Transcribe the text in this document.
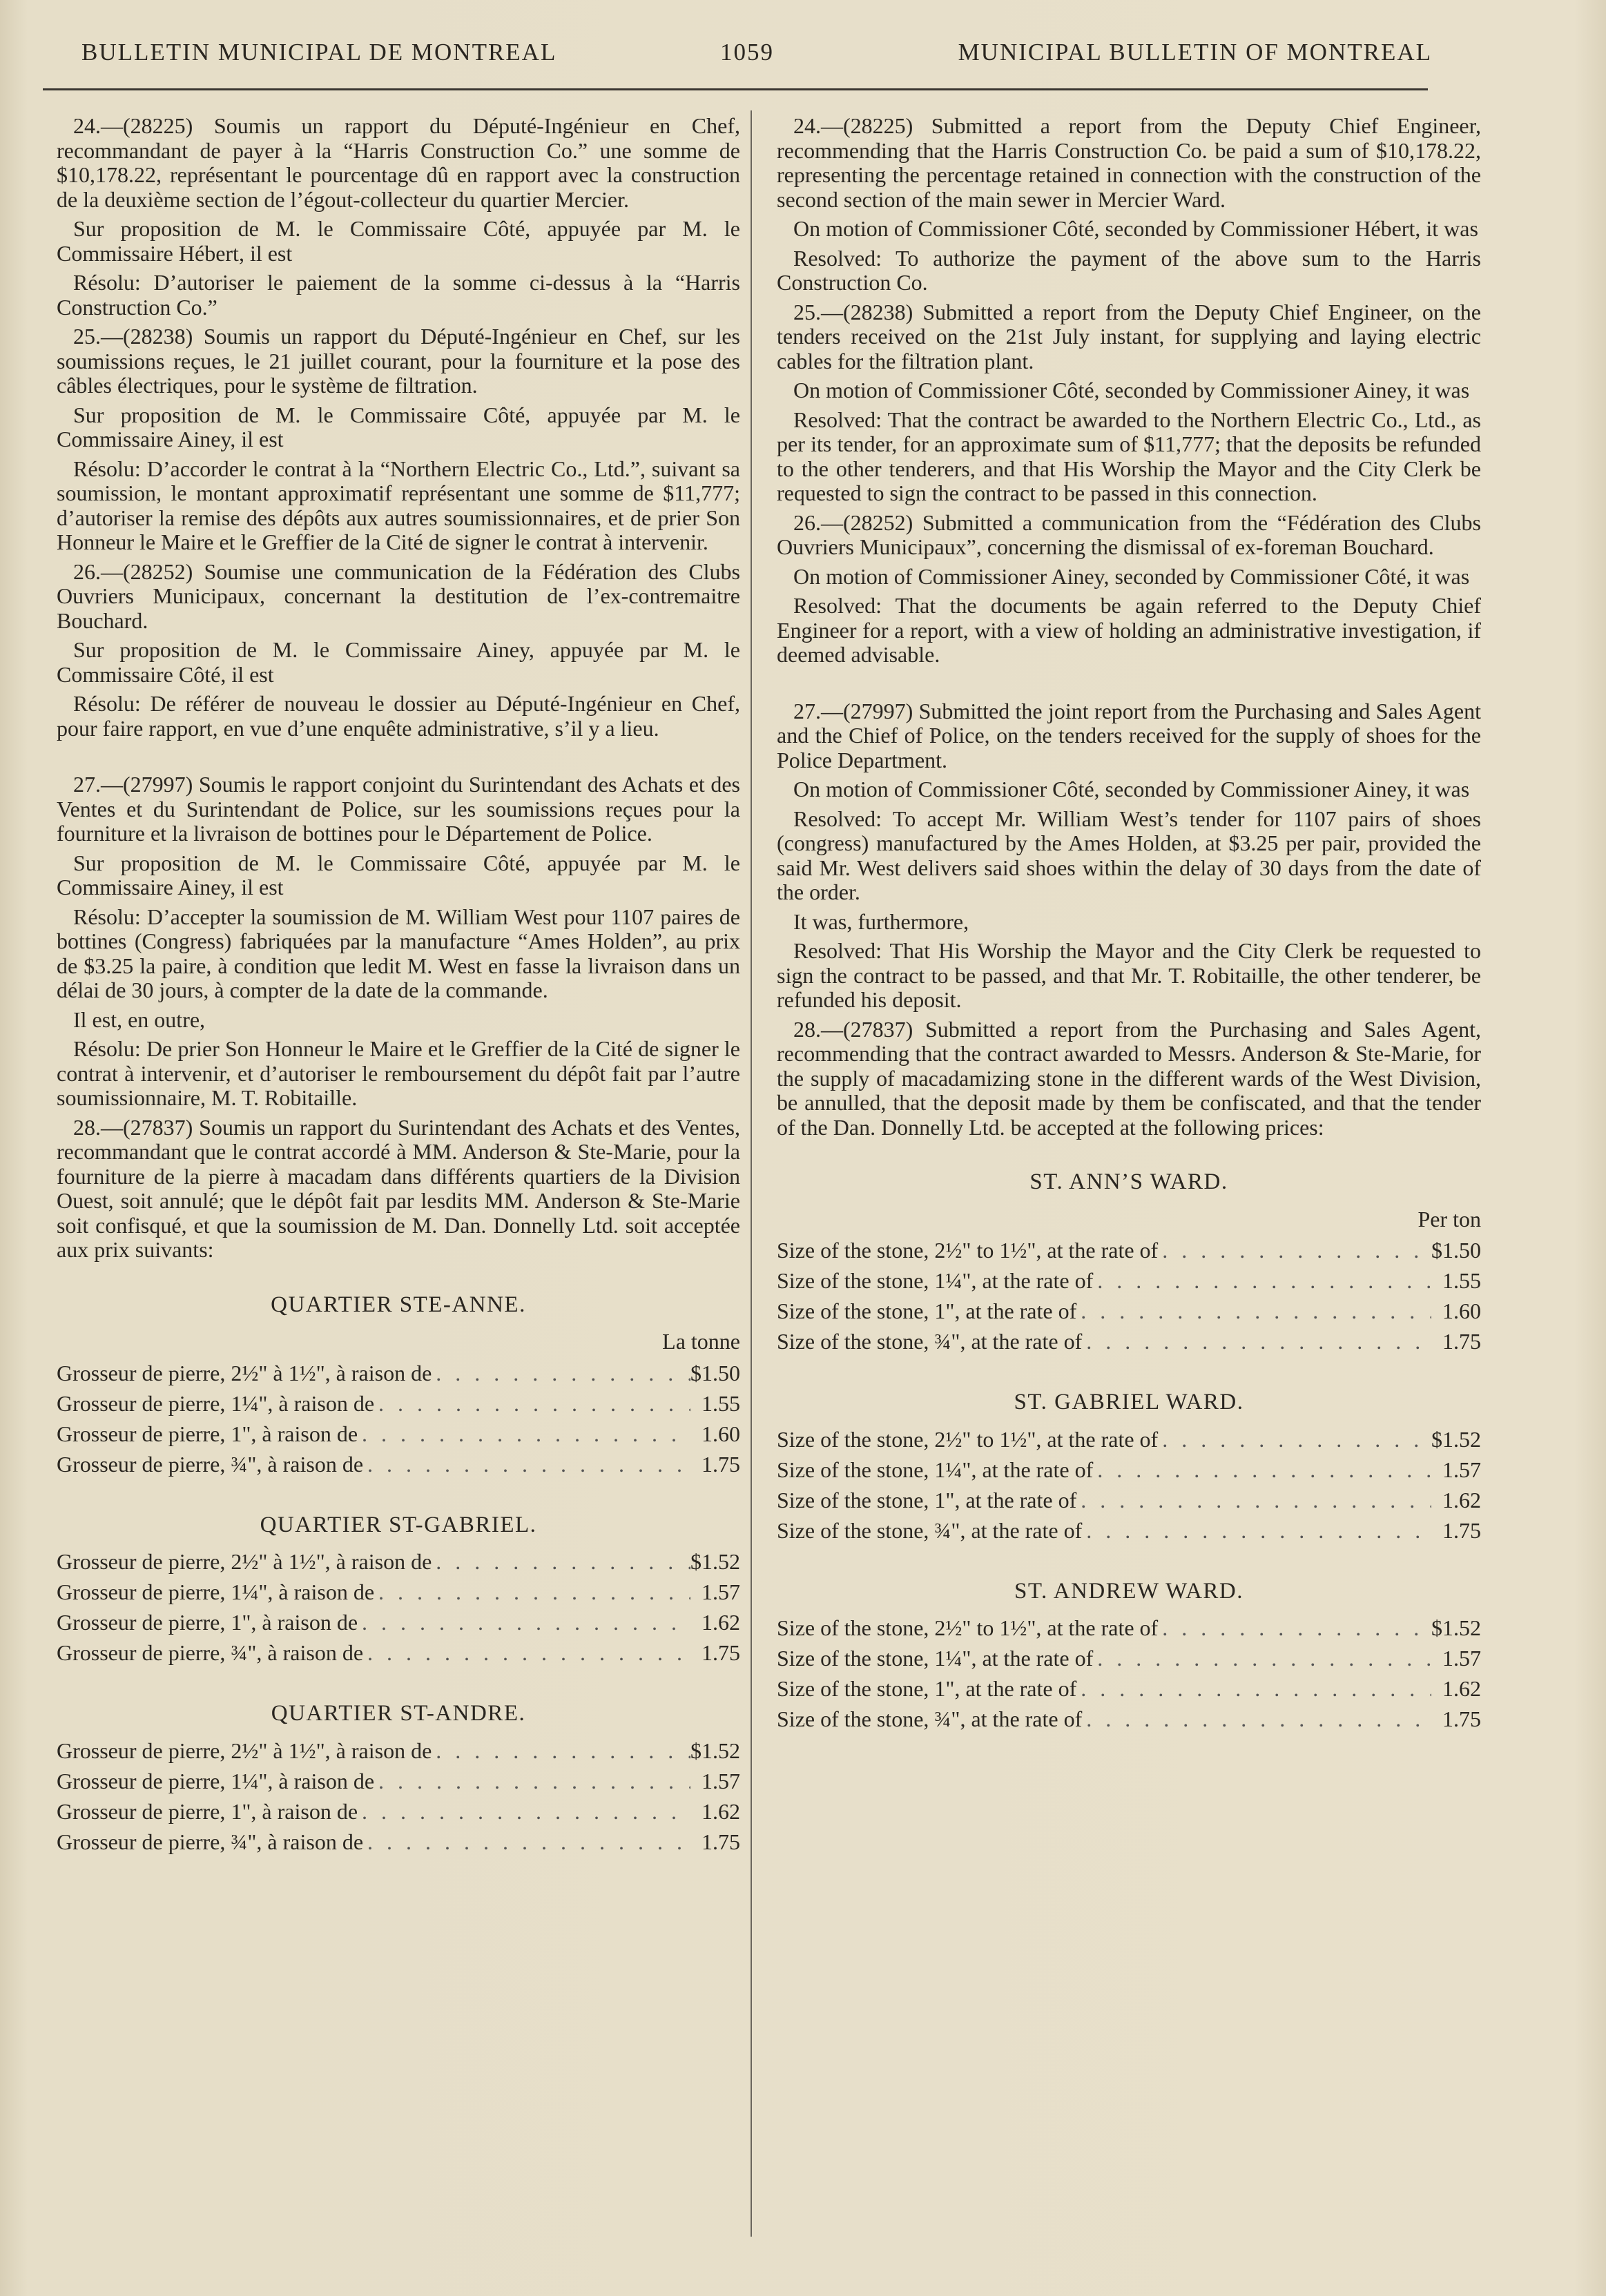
BULLETIN MUNICIPAL DE MONTREAL	1059	MUNICIPAL BULLETIN OF MONTREAL

24.—(28225) Soumis un rapport du Député-Ingénieur en Chef, recommandant de payer à la “Harris Construction Co.” une somme de $10,178.22, représentant le pourcentage dû en rapport avec la construction de la deuxième section de l’égout-collecteur du quartier Mercier.

Sur proposition de M. le Commissaire Côté, appuyée par M. le Commissaire Hébert, il est

Résolu: D’autoriser le paiement de la somme ci-dessus à la “Harris Construction Co.”

25.—(28238) Soumis un rapport du Député-Ingénieur en Chef, sur les soumissions reçues, le 21 juillet courant, pour la fourniture et la pose des câbles électriques, pour le système de filtration.

Sur proposition de M. le Commissaire Côté, appuyée par M. le Commissaire Ainey, il est

Résolu: D’accorder le contrat à la “Northern Electric Co., Ltd.”, suivant sa soumission, le montant approximatif représentant une somme de $11,777; d’autoriser la remise des dépôts aux autres soumissionnaires, et de prier Son Honneur le Maire et le Greffier de la Cité de signer le contrat à intervenir.

26.—(28252) Soumise une communication de la Fédération des Clubs Ouvriers Municipaux, concernant la destitution de l’ex-contremaitre Bouchard.

Sur proposition de M. le Commissaire Ainey, appuyée par M. le Commissaire Côté, il est

Résolu: De référer de nouveau le dossier au Député-Ingénieur en Chef, pour faire rapport, en vue d’une enquête administrative, s’il y a lieu.

27.—(27997) Soumis le rapport conjoint du Surintendant des Achats et des Ventes et du Surintendant de Police, sur les soumissions reçues pour la fourniture et la livraison de bottines pour le Département de Police.

Sur proposition de M. le Commissaire Côté, appuyée par M. le Commissaire Ainey, il est

Résolu: D’accepter la soumission de M. William West pour 1107 paires de bottines (Congress) fabriquées par la manufacture “Ames Holden”, au prix de $3.25 la paire, à condition que ledit M. West en fasse la livraison dans un délai de 30 jours, à compter de la date de la commande.

Il est, en outre,

Résolu: De prier Son Honneur le Maire et le Greffier de la Cité de signer le contrat à intervenir, et d’autoriser le remboursement du dépôt fait par l’autre soumissionnaire, M. T. Robitaille.

28.—(27837) Soumis un rapport du Surintendant des Achats et des Ventes, recommandant que le contrat accordé à MM. Anderson & Ste-Marie, pour la fourniture de la pierre à macadam dans différents quartiers de la Division Ouest, soit annulé; que le dépôt fait par lesdits MM. Anderson & Ste-Marie soit confisqué, et que la soumission de M. Dan. Donnelly Ltd. soit acceptée aux prix suivants:

QUARTIER STE-ANNE.
La tonne
Grosseur de pierre, 2½" à 1½", à raison de . . .	$1.50
Grosseur de pierre, 1¼", à raison de . . .	1.55
Grosseur de pierre, 1", à raison de . . .	1.60
Grosseur de pierre, ¾", à raison de . . .	1.75
QUARTIER ST-GABRIEL.
Grosseur de pierre, 2½" à 1½", à raison de . . .	$1.52
Grosseur de pierre, 1¼", à raison de . . .	1.57
Grosseur de pierre, 1", à raison de . . .	1.62
Grosseur de pierre, ¾", à raison de . . .	1.75
QUARTIER ST-ANDRE.
Grosseur de pierre, 2½" à 1½", à raison de . . .	$1.52
Grosseur de pierre, 1¼", à raison de . . .	1.57
Grosseur de pierre, 1", à raison de . . .	1.62
Grosseur de pierre, ¾", à raison de . . .	1.75

24.—(28225) Submitted a report from the Deputy Chief Engineer, recommending that the Harris Construction Co. be paid a sum of $10,178.22, representing the percentage retained in connection with the construction of the second section of the main sewer in Mercier Ward.

On motion of Commissioner Côté, seconded by Commissioner Hébert, it was

Resolved: To authorize the payment of the above sum to the Harris Construction Co.

25.—(28238) Submitted a report from the Deputy Chief Engineer, on the tenders received on the 21st July instant, for supplying and laying electric cables for the filtration plant.

On motion of Commissioner Côté, seconded by Commissioner Ainey, it was

Resolved: That the contract be awarded to the Northern Electric Co., Ltd., as per its tender, for an approximate sum of $11,777; that the deposits be refunded to the other tenderers, and that His Worship the Mayor and the City Clerk be requested to sign the contract to be passed in this connection.

26.—(28252) Submitted a communication from the “Fédération des Clubs Ouvriers Municipaux”, concerning the dismissal of ex-foreman Bouchard.

On motion of Commissioner Ainey, seconded by Commissioner Côté, it was

Resolved: That the documents be again referred to the Deputy Chief Engineer for a report, with a view of holding an administrative investigation, if deemed advisable.

27.—(27997) Submitted the joint report from the Purchasing and Sales Agent and the Chief of Police, on the tenders received for the supply of shoes for the Police Department.

On motion of Commissioner Côté, seconded by Commissioner Ainey, it was

Resolved: To accept Mr. William West’s tender for 1107 pairs of shoes (congress) manufactured by the Ames Holden, at $3.25 per pair, provided the said Mr. West delivers said shoes within the delay of 30 days from the date of the order.

It was, furthermore,

Resolved: That His Worship the Mayor and the City Clerk be requested to sign the contract to be passed, and that Mr. T. Robitaille, the other tenderer, be refunded his deposit.

28.—(27837) Submitted a report from the Purchasing and Sales Agent, recommending that the contract awarded to Messrs. Anderson & Ste-Marie, for the supply of macadamizing stone in the different wards of the West Division, be annulled, that the deposit made by them be confiscated, and that the tender of the Dan. Donnelly Ltd. be accepted at the following prices:

ST. ANN’S WARD.
Per ton
Size of the stone, 2½" to 1½", at the rate of . . .	$1.50
Size of the stone, 1¼", at the rate of . . .	1.55
Size of the stone, 1", at the rate of . . .	1.60
Size of the stone, ¾", at the rate of . . .	1.75
ST. GABRIEL WARD.
Size of the stone, 2½" to 1½", at the rate of . . .	$1.52
Size of the stone, 1¼", at the rate of . . .	1.57
Size of the stone, 1", at the rate of . . .	1.62
Size of the stone, ¾", at the rate of . . .	1.75
ST. ANDREW WARD.
Size of the stone, 2½" to 1½", at the rate of . . .	$1.52
Size of the stone, 1¼", at the rate of . . .	1.57
Size of the stone, 1", at the rate of . . .	1.62
Size of the stone, ¾", at the rate of . . .	1.75
